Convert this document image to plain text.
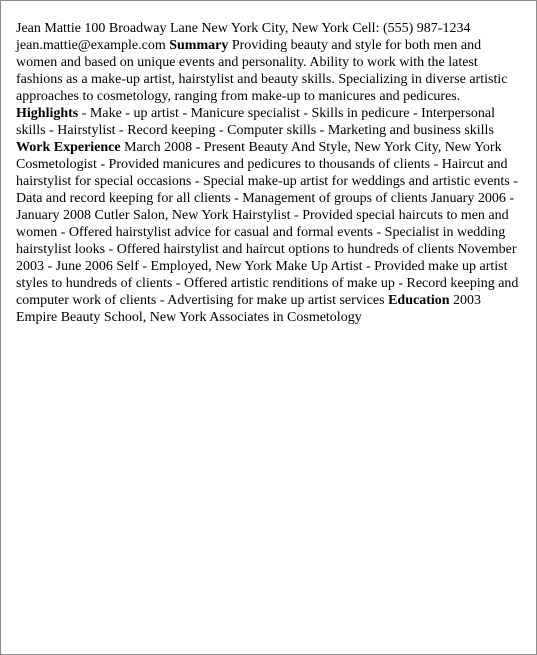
Jean Mattie 100 Broadway Lane New York City, New York Cell: (555) 987-1234 jean.mattie@example.com Summary Providing beauty and style for both men and women and based on unique events and personality. Ability to work with the latest fashions as a make-up artist, hairstylist and beauty skills. Specializing in diverse artistic approaches to cosmetology, ranging from make-up to manicures and pedicures. Highlights - Make - up artist - Manicure specialist - Skills in pedicure - Interpersonal skills - Hairstylist - Record keeping - Computer skills - Marketing and business skills Work Experience March 2008 - Present Beauty And Style, New York City, New York Cosmetologist - Provided manicures and pedicures to thousands of clients - Haircut and hairstylist for special occasions - Special make-up artist for weddings and artistic events - Data and record keeping for all clients - Management of groups of clients January 2006 - January 2008 Cutler Salon, New York Hairstylist - Provided special haircuts to men and women - Offered hairstylist advice for casual and formal events - Specialist in wedding hairstylist looks - Offered hairstylist and haircut options to hundreds of clients November 2003 - June 2006 Self - Employed, New York Make Up Artist - Provided make up artist styles to hundreds of clients - Offered artistic renditions of make up - Record keeping and computer work of clients - Advertising for make up artist services Education 2003 Empire Beauty School, New York Associates in Cosmetology
